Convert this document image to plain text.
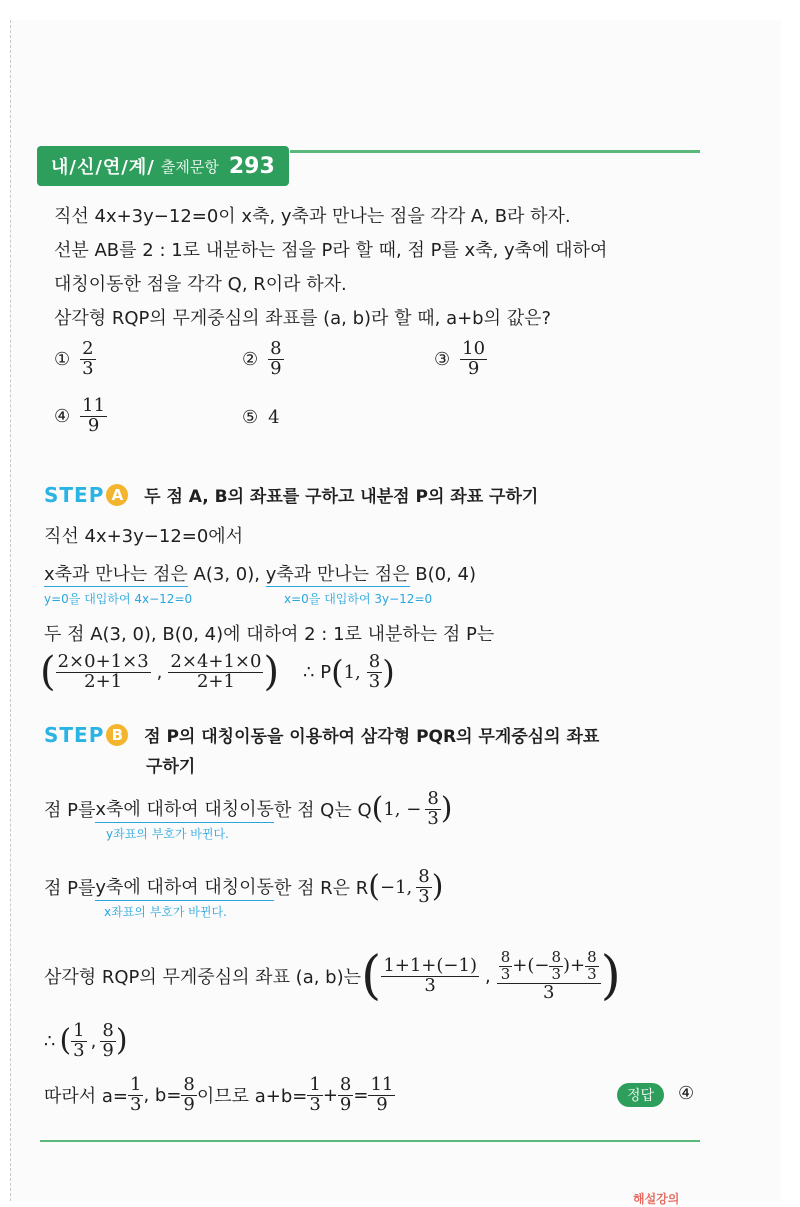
내/신/연/계/ 출제문항 293
직선 4x+3y−12=0이 x축, y축과 만나는 점을 각각 A, B라 하자.
선분 AB를 2 : 1로 내분하는 점을 P라 할 때, 점 P를 x축, y축에 대하여
대칭이동한 점을 각각 Q, R이라 하자.
삼각형 RQP의 무게중심의 좌표를 (a, b)라 할 때, a+b의 값은?
① $\frac{2}{3}$	② $\frac{8}{9}$	③ $\frac{10}{9}$
④ $\frac{11}{9}$	⑤ 4
STEP A 두 점 A, B의 좌표를 구하고 내분점 P의 좌표 구하기
직선 4x+3y−12=0에서
x축과 만나는 점은 A(3, 0), y축과 만나는 점은 B(0, 4)
y=0을 대입하여 4x−12=0	x=0을 대입하여 3y−12=0
두 점 A(3, 0), B(0, 4)에 대하여 2 : 1로 내분하는 점 P는
( $\frac{2\times 0+1\times 3}{2+1}$ , $\frac{2\times 4+1\times 0}{2+1}$ ) ∴ P ( 1, $\frac{8}{3}$ )
STEP B 점 P의 대칭이동을 이용하여 삼각형 PQR의 무게중심의 좌표
구하기
점 P를 x축에 대하여 대칭이동 한 점 Q는 Q ( 1, − $\frac{8}{3}$ )
y좌표의 부호가 바뀐다.
점 P를 y축에 대하여 대칭이동 한 점 R은 R ( −1, $\frac{8}{3}$ )
x좌표의 부호가 바뀐다.
삼각형 RQP의 무게중심의 좌표 (a, b)는 ( $\frac{1+1+(-1)}{3}$ , $\frac{\frac{8}{3} +(- \frac{8}{3} )+ \frac{8}{3}}{3}$ )
∴ ( $\frac{1}{3}$ , $\frac{8}{9}$ )
따라서 $a= \frac{1}{3}$ , $b= \frac{8}{9}$ 이므로 $a+b= \frac{1}{3} + \frac{8}{9} = \frac{11}{9}$	정답	④
해설강의
